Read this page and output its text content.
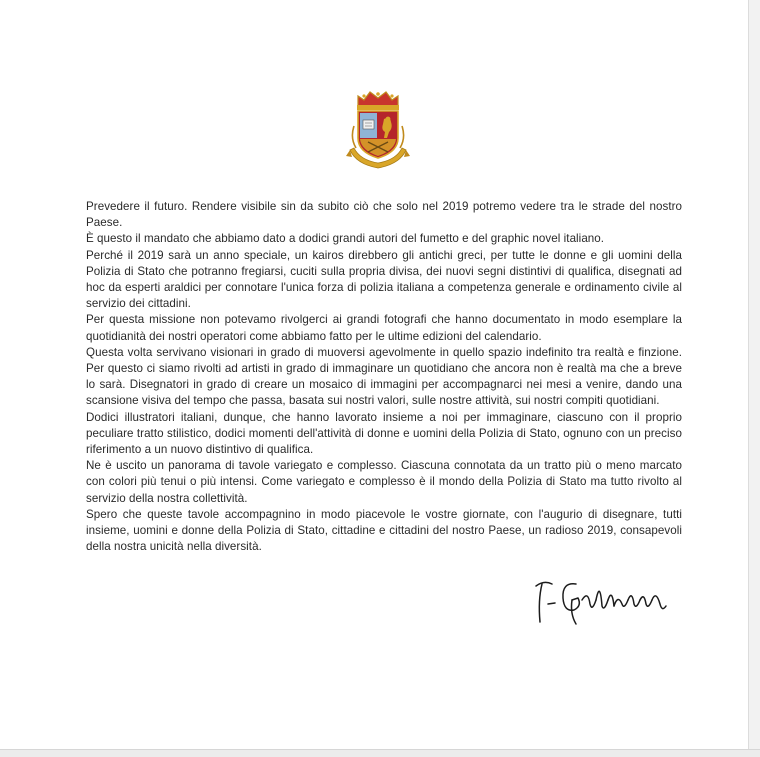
Prevedere il futuro. Rendere visibile sin da subito ciò che solo nel 2019 potremo vedere tra le strade del nostro Paese.

È questo il mandato che abbiamo dato a dodici grandi autori del fumetto e del graphic novel italiano.

Perché il 2019 sarà un anno speciale, un kairos direbbero gli antichi greci, per tutte le donne e gli uomini della Polizia di Stato che potranno fregiarsi, cuciti sulla propria divisa, dei nuovi segni distintivi di qualifica, disegnati ad hoc da esperti araldici per connotare l'unica forza di polizia italiana a competenza generale e ordinamento civile al servizio dei cittadini.

Per questa missione non potevamo rivolgerci ai grandi fotografi che hanno documentato in modo esemplare la quotidianità dei nostri operatori come abbiamo fatto per le ultime edizioni del calendario.

Questa volta servivano visionari in grado di muoversi agevolmente in quello spazio indefinito tra realtà e finzione. Per questo ci siamo rivolti ad artisti in grado di immaginare un quotidiano che ancora non è realtà ma che a breve lo sarà. Disegnatori in grado di creare un mosaico di immagini per accompagnarci nei mesi a venire, dando una scansione visiva del tempo che passa, basata sui nostri valori, sulle nostre attività, sui nostri compiti quotidiani.

Dodici illustratori italiani, dunque, che hanno lavorato insieme a noi per immaginare, ciascuno con il proprio peculiare tratto stilistico, dodici momenti dell'attività di donne e uomini della Polizia di Stato, ognuno con un preciso riferimento a un nuovo distintivo di qualifica.

Ne è uscito un panorama di tavole variegato e complesso. Ciascuna connotata da un tratto più o meno marcato con colori più tenui o più intensi. Come variegato e complesso è il mondo della Polizia di Stato ma tutto rivolto al servizio della nostra collettività.

Spero che queste tavole accompagnino in modo piacevole le vostre giornate, con l'augurio di disegnare, tutti insieme, uomini e donne della Polizia di Stato, cittadine e cittadini del nostro Paese, un radioso 2019, consapevoli della nostra unicità nella diversità.
